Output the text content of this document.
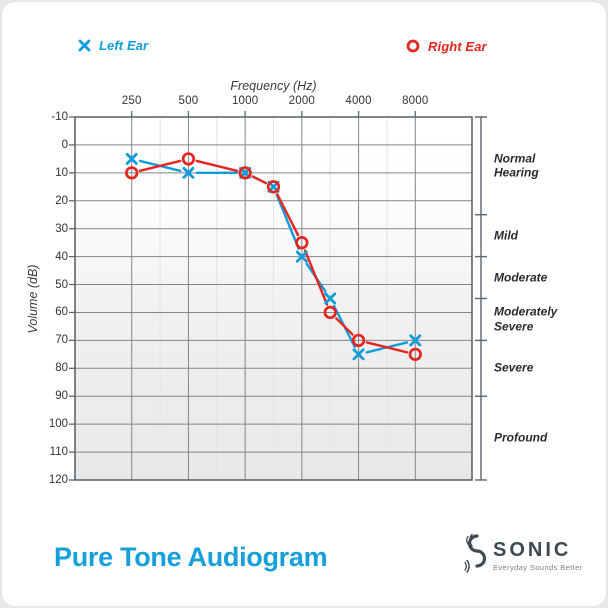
Left Ear	Right Ear
Frequency (Hz)
Volume (dB)
250	500	1000	2000	4000	8000
-10
0
10
20
30
40
50
60
70
80
90
100
110
120
Normal Hearing
Mild
Moderate
Moderately Severe
Severe
Profound
Pure Tone Audiogram	SONIC
Everyday Sounds Better
